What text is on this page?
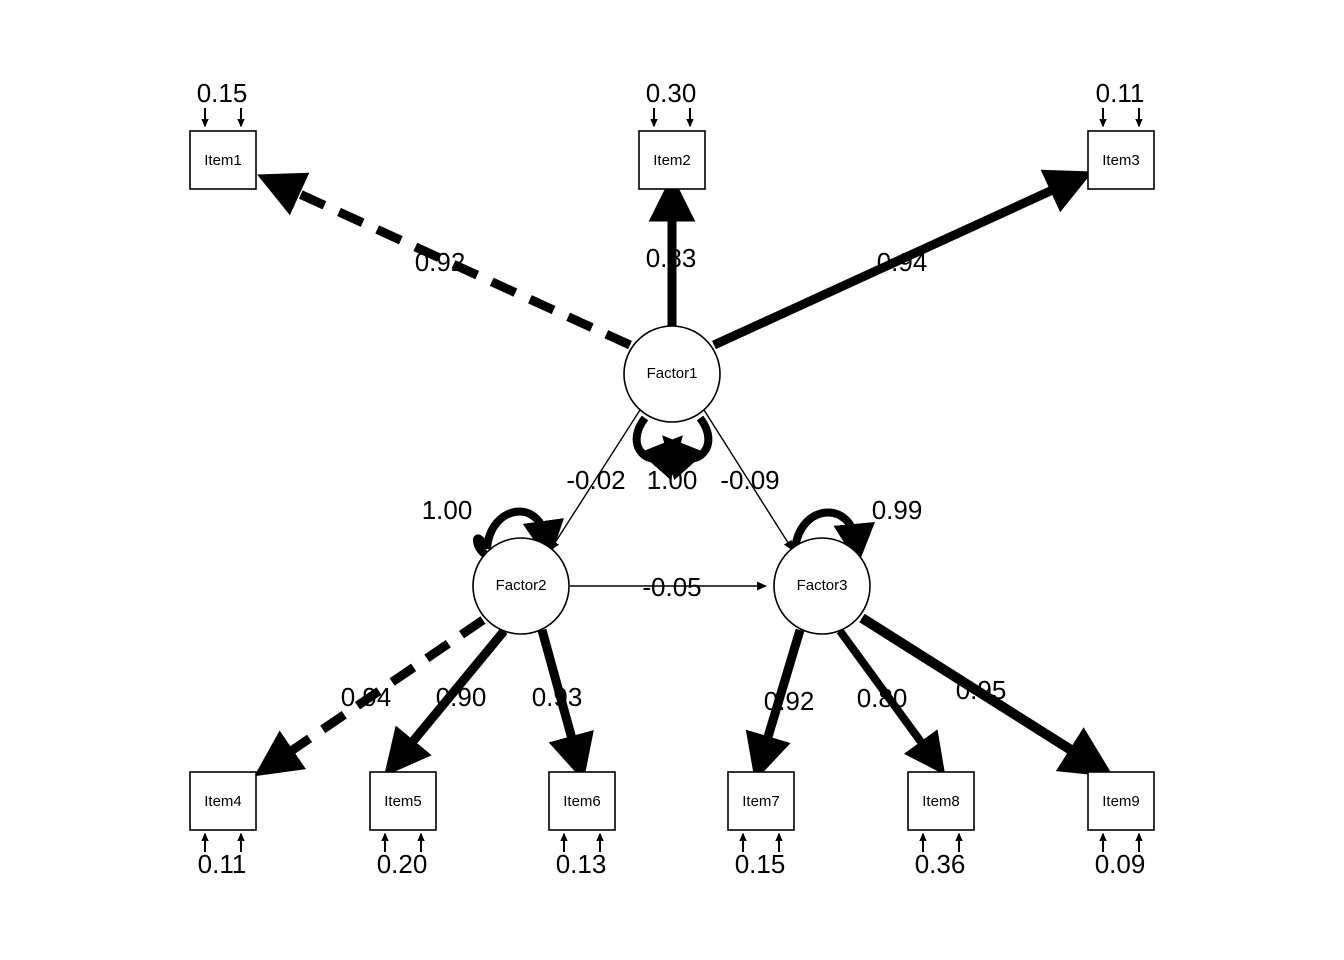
Item1	Item2	Item3
Item4	Item5	Item6	Item7	Item8	Item9
Factor1
Factor2	Factor3
0.92	0.83	0.94
0.94 0.90 0.93	0.92 0.80 0.95
-0.02	-0.09
-0.05
1.00
1.00	0.99
0.15	0.30	0.11
0.11	0.20	0.13	0.15	0.36	0.09
